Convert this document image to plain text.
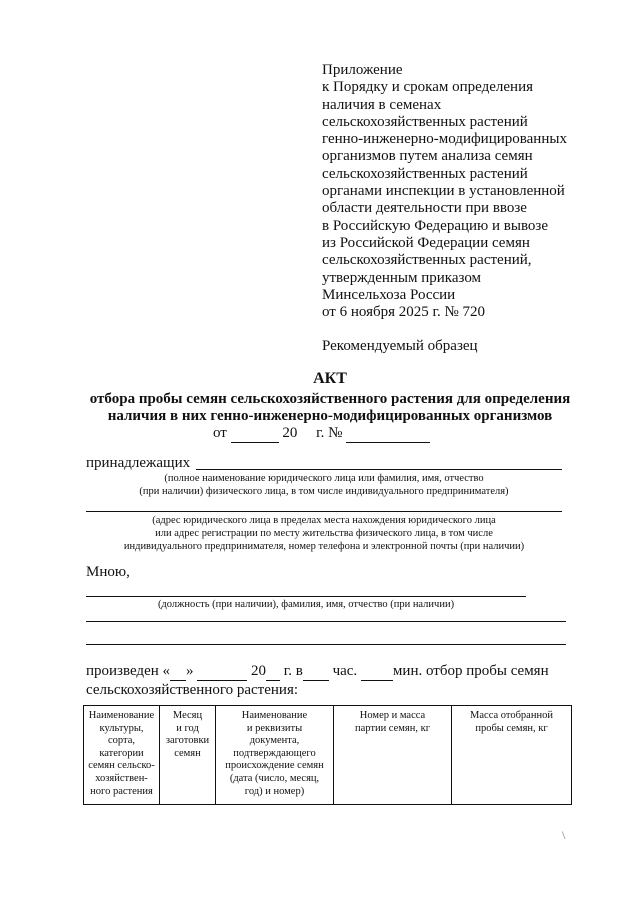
Приложение
к Порядку и срокам определения
наличия в семенах
сельскохозяйственных растений
генно-инженерно-модифицированных
организмов путем анализа семян
сельскохозяйственных растений
органами инспекции в установленной
области деятельности при ввозе
в Российскую Федерацию и вывозе
из Российской Федерации семян
сельскохозяйственных растений,
утвержденным приказом
Минсельхоза России
от 6 ноября 2025 г. № 720
Рекомендуемый образец
АКТ
отбора пробы семян сельскохозяйственного растения для определения
наличия в них генно-инженерно-модифицированных организмов
от	20 г. №
принадлежащих
(полное наименование юридического лица или фамилия, имя, отчество
(при наличии) физического лица, в том числе индивидуального предпринимателя)
(адрес юридического лица в пределах места нахождения юридического лица
или адрес регистрации по месту жительства физического лица, в том числе
индивидуального предпринимателя, номер телефона и электронной почты (при наличии)
Мною,
(должность (при наличии), фамилия, имя, отчество (при наличии)
произведен « »	20 г. в час. мин. отбор пробы семян
сельскохозяйственного растения:
Наименование
культуры,
сорта,
категории
семян сельско-
хозяйствен-
ного растения

Месяц
и год
заготовки
семян

Наименование
и реквизиты
документа,
подтверждающего
происхождение семян
(дата (число, месяц,
год) и номер)

Номер и масса
партии семян, кг

Масса отобранной
пробы семян, кг
\
